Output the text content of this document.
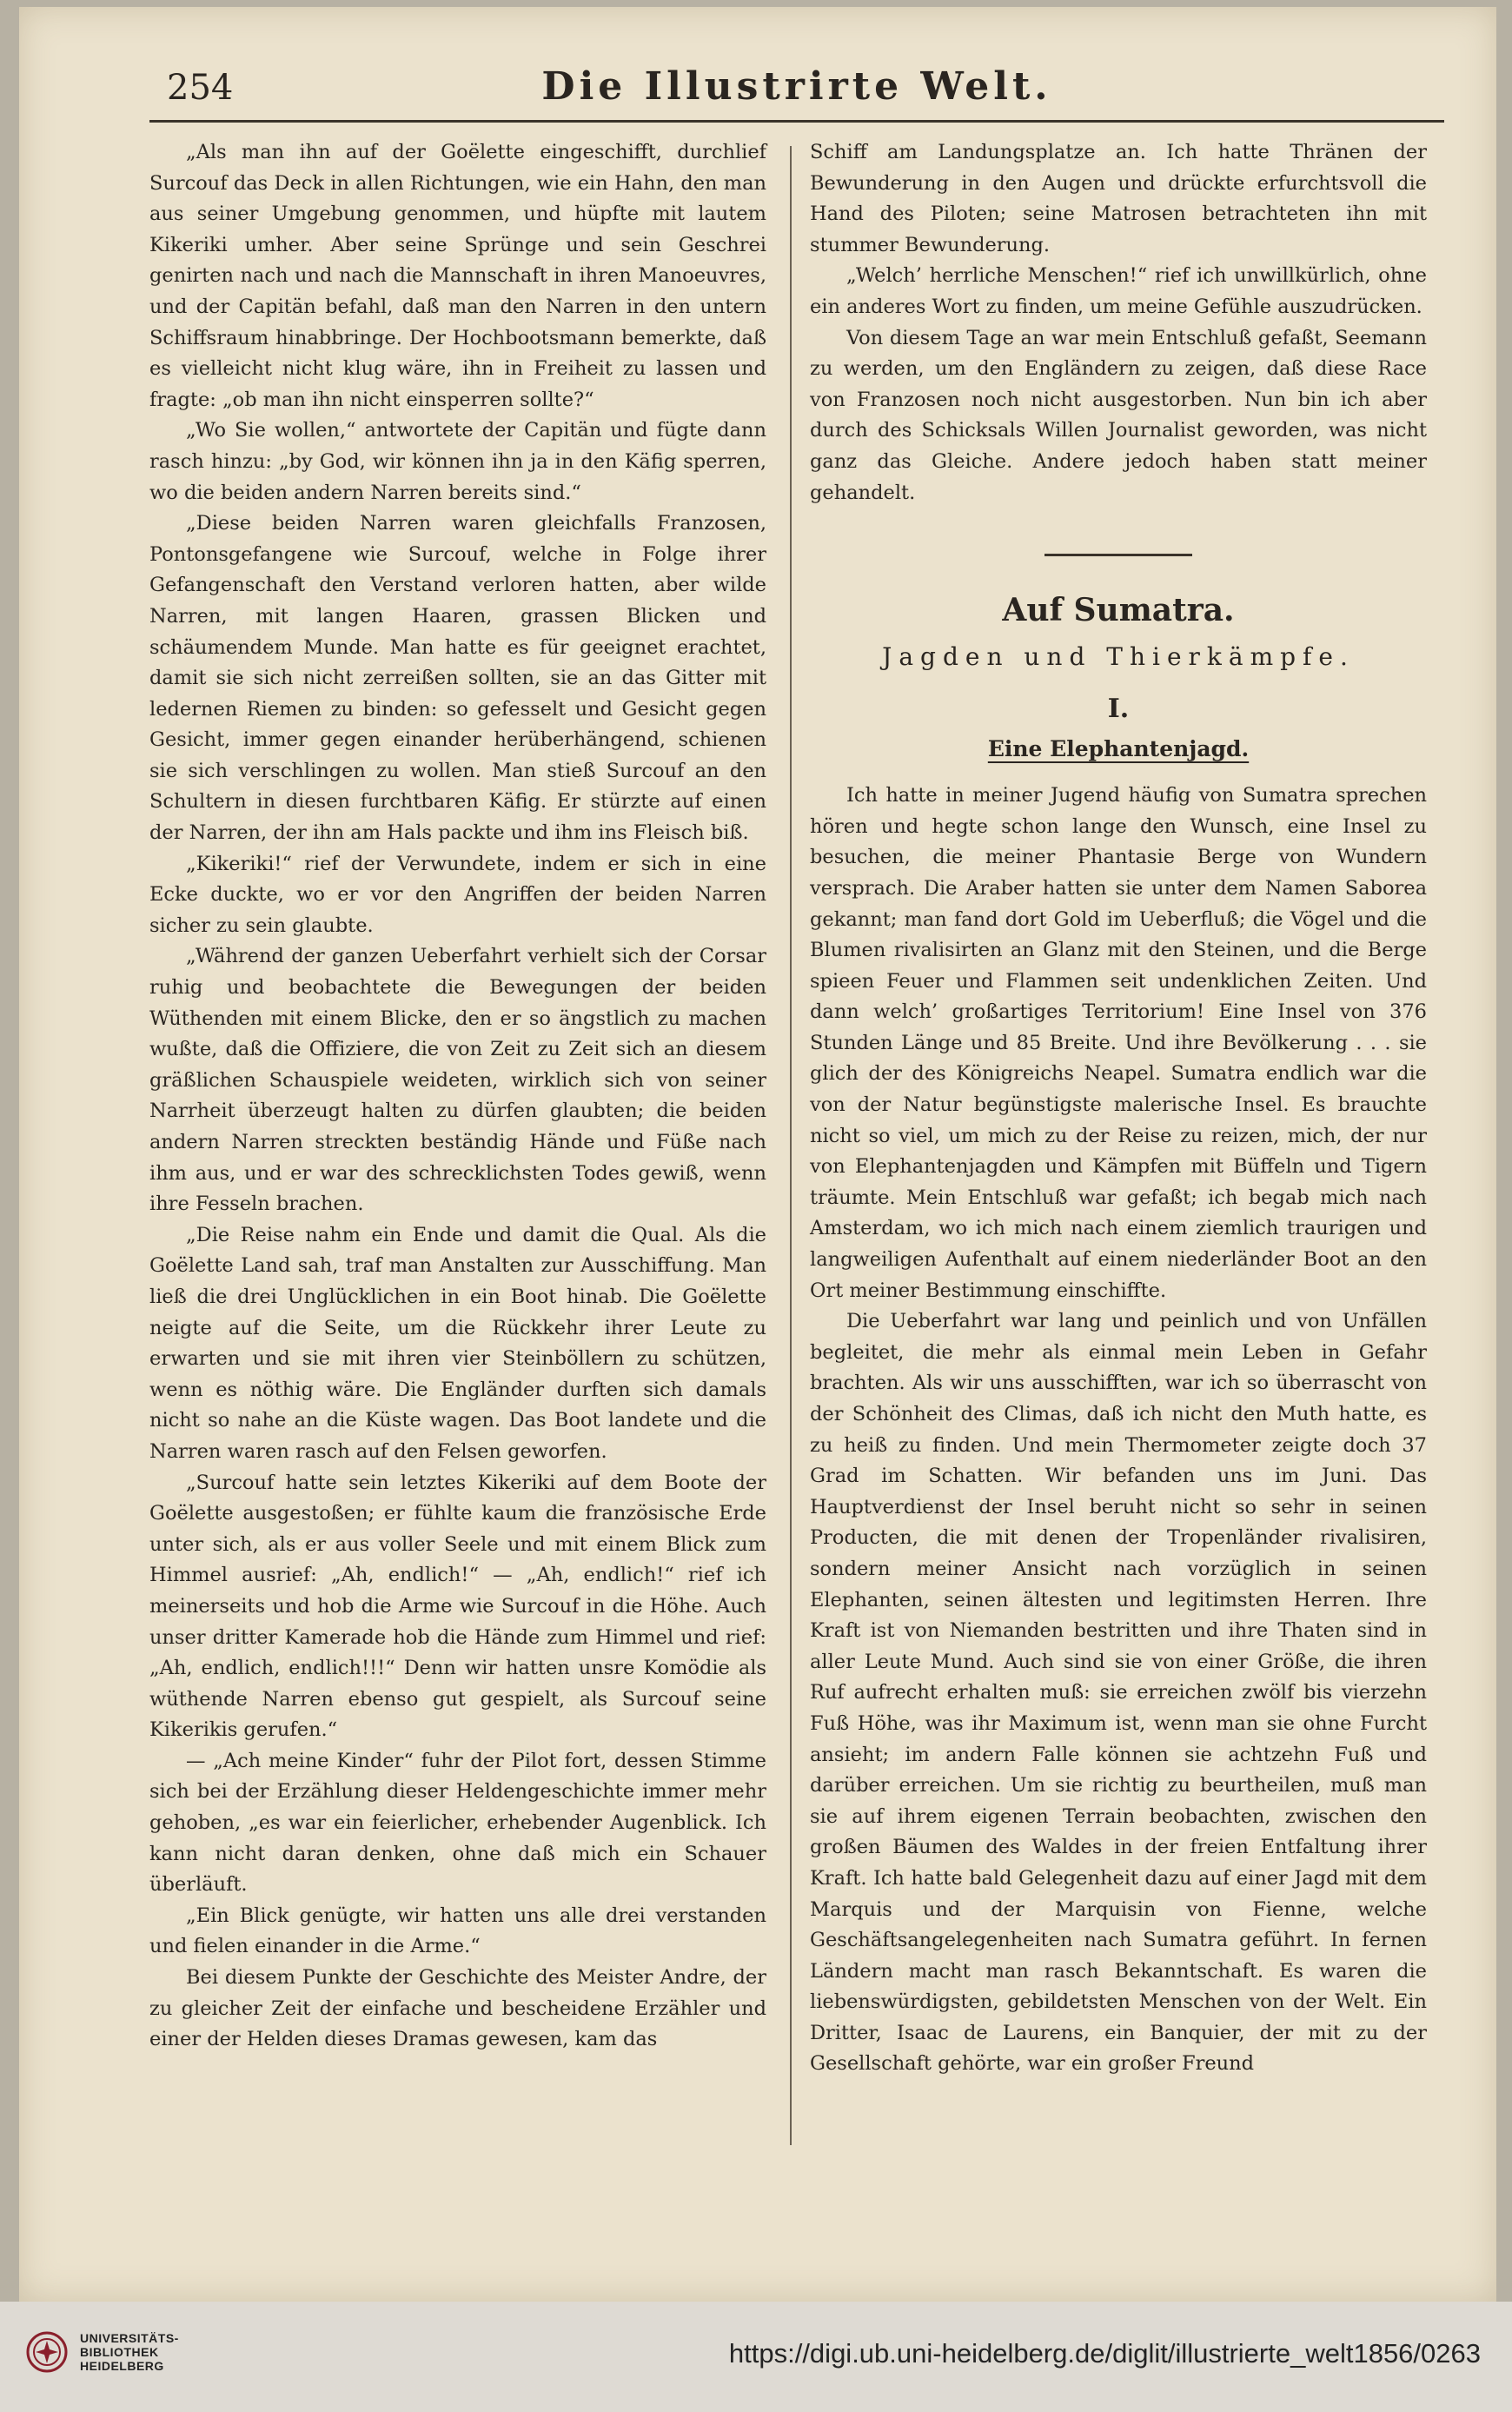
254	Die Illustrirte Welt.

„Als man ihn auf der Goëlette eingeschifft, durchlief Surcouf das Deck in allen Richtungen, wie ein Hahn, den man aus seiner Umgebung genommen, und hüpfte mit lautem Kikeriki umher. Aber seine Sprünge und sein Geschrei genirten nach und nach die Mannschaft in ihren Manoeuvres, und der Capitän befahl, daß man den Narren in den untern Schiffsraum hinabbringe. Der Hochbootsmann bemerkte, daß es vielleicht nicht klug wäre, ihn in Freiheit zu lassen und fragte: „ob man ihn nicht einsperren sollte?“

„Wo Sie wollen,“ antwortete der Capitän und fügte dann rasch hinzu: „by God, wir können ihn ja in den Käfig sperren, wo die beiden andern Narren bereits sind.“

„Diese beiden Narren waren gleichfalls Franzosen, Pontonsgefangene wie Surcouf, welche in Folge ihrer Gefangenschaft den Verstand verloren hatten, aber wilde Narren, mit langen Haaren, grassen Blicken und schäumendem Munde. Man hatte es für geeignet erachtet, damit sie sich nicht zerreißen sollten, sie an das Gitter mit ledernen Riemen zu binden: so gefesselt und Gesicht gegen Gesicht, immer gegen einander herüberhängend, schienen sie sich verschlingen zu wollen. Man stieß Surcouf an den Schultern in diesen furchtbaren Käfig. Er stürzte auf einen der Narren, der ihn am Hals packte und ihm ins Fleisch biß.

„Kikeriki!“ rief der Verwundete, indem er sich in eine Ecke duckte, wo er vor den Angriffen der beiden Narren sicher zu sein glaubte.

„Während der ganzen Ueberfahrt verhielt sich der Corsar ruhig und beobachtete die Bewegungen der beiden Wüthenden mit einem Blicke, den er so ängstlich zu machen wußte, daß die Offiziere, die von Zeit zu Zeit sich an diesem gräßlichen Schauspiele weideten, wirklich sich von seiner Narrheit überzeugt halten zu dürfen glaubten; die beiden andern Narren streckten beständig Hände und Füße nach ihm aus, und er war des schrecklichsten Todes gewiß, wenn ihre Fesseln brachen.

„Die Reise nahm ein Ende und damit die Qual. Als die Goëlette Land sah, traf man Anstalten zur Ausschiffung. Man ließ die drei Unglücklichen in ein Boot hinab. Die Goëlette neigte auf die Seite, um die Rückkehr ihrer Leute zu erwarten und sie mit ihren vier Steinböllern zu schützen, wenn es nöthig wäre. Die Engländer durften sich damals nicht so nahe an die Küste wagen. Das Boot landete und die Narren waren rasch auf den Felsen geworfen.

„Surcouf hatte sein letztes Kikeriki auf dem Boote der Goëlette ausgestoßen; er fühlte kaum die französische Erde unter sich, als er aus voller Seele und mit einem Blick zum Himmel ausrief: „Ah, endlich!“ — „Ah, endlich!“ rief ich meinerseits und hob die Arme wie Surcouf in die Höhe. Auch unser dritter Kamerade hob die Hände zum Himmel und rief: „Ah, endlich, endlich!!!“ Denn wir hatten unsre Komödie als wüthende Narren ebenso gut gespielt, als Surcouf seine Kikerikis gerufen.“

— „Ach meine Kinder“ fuhr der Pilot fort, dessen Stimme sich bei der Erzählung dieser Heldengeschichte immer mehr gehoben, „es war ein feierlicher, erhebender Augenblick. Ich kann nicht daran denken, ohne daß mich ein Schauer überläuft.

„Ein Blick genügte, wir hatten uns alle drei verstanden und fielen einander in die Arme.“

Bei diesem Punkte der Geschichte des Meister Andre, der zu gleicher Zeit der einfache und bescheidene Erzähler und einer der Helden dieses Dramas gewesen, kam das

Schiff am Landungsplatze an. Ich hatte Thränen der Bewunderung in den Augen und drückte erfurchtsvoll die Hand des Piloten; seine Matrosen betrachteten ihn mit stummer Bewunderung.

„Welch’ herrliche Menschen!“ rief ich unwillkürlich, ohne ein anderes Wort zu finden, um meine Gefühle auszudrücken.

Von diesem Tage an war mein Entschluß gefaßt, Seemann zu werden, um den Engländern zu zeigen, daß diese Race von Franzosen noch nicht ausgestorben. Nun bin ich aber durch des Schicksals Willen Journalist geworden, was nicht ganz das Gleiche. Andere jedoch haben statt meiner gehandelt.

Auf Sumatra.
Jagden und Thierkämpfe.
I.
Eine Elephantenjagd.

Ich hatte in meiner Jugend häufig von Sumatra sprechen hören und hegte schon lange den Wunsch, eine Insel zu besuchen, die meiner Phantasie Berge von Wundern versprach. Die Araber hatten sie unter dem Namen Saborea gekannt; man fand dort Gold im Ueberfluß; die Vögel und die Blumen rivalisirten an Glanz mit den Steinen, und die Berge spieen Feuer und Flammen seit undenklichen Zeiten. Und dann welch’ großartiges Territorium! Eine Insel von 376 Stunden Länge und 85 Breite. Und ihre Bevölkerung . . . sie glich der des Königreichs Neapel. Sumatra endlich war die von der Natur begünstigste malerische Insel. Es brauchte nicht so viel, um mich zu der Reise zu reizen, mich, der nur von Elephantenjagden und Kämpfen mit Büffeln und Tigern träumte. Mein Entschluß war gefaßt; ich begab mich nach Amsterdam, wo ich mich nach einem ziemlich traurigen und langweiligen Aufenthalt auf einem niederländer Boot an den Ort meiner Bestimmung einschiffte.

Die Ueberfahrt war lang und peinlich und von Unfällen begleitet, die mehr als einmal mein Leben in Gefahr brachten. Als wir uns ausschifften, war ich so überrascht von der Schönheit des Climas, daß ich nicht den Muth hatte, es zu heiß zu finden. Und mein Thermometer zeigte doch 37 Grad im Schatten. Wir befanden uns im Juni. Das Hauptverdienst der Insel beruht nicht so sehr in seinen Producten, die mit denen der Tropenländer rivalisiren, sondern meiner Ansicht nach vorzüglich in seinen Elephanten, seinen ältesten und legitimsten Herren. Ihre Kraft ist von Niemanden bestritten und ihre Thaten sind in aller Leute Mund. Auch sind sie von einer Größe, die ihren Ruf aufrecht erhalten muß: sie erreichen zwölf bis vierzehn Fuß Höhe, was ihr Maximum ist, wenn man sie ohne Furcht ansieht; im andern Falle können sie achtzehn Fuß und darüber erreichen. Um sie richtig zu beurtheilen, muß man sie auf ihrem eigenen Terrain beobachten, zwischen den großen Bäumen des Waldes in der freien Entfaltung ihrer Kraft. Ich hatte bald Gelegenheit dazu auf einer Jagd mit dem Marquis und der Marquisin von Fienne, welche Geschäftsangelegenheiten nach Sumatra geführt. In fernen Ländern macht man rasch Bekanntschaft. Es waren die liebenswürdigsten, gebildetsten Menschen von der Welt. Ein Dritter, Isaac de Laurens, ein Banquier, der mit zu der Gesellschaft gehörte, war ein großer Freund

UNIVERSITÄTS-
BIBLIOTHEK
HEIDELBERG	https://digi.ub.uni-heidelberg.de/diglit/illustrierte_welt1856/0263
